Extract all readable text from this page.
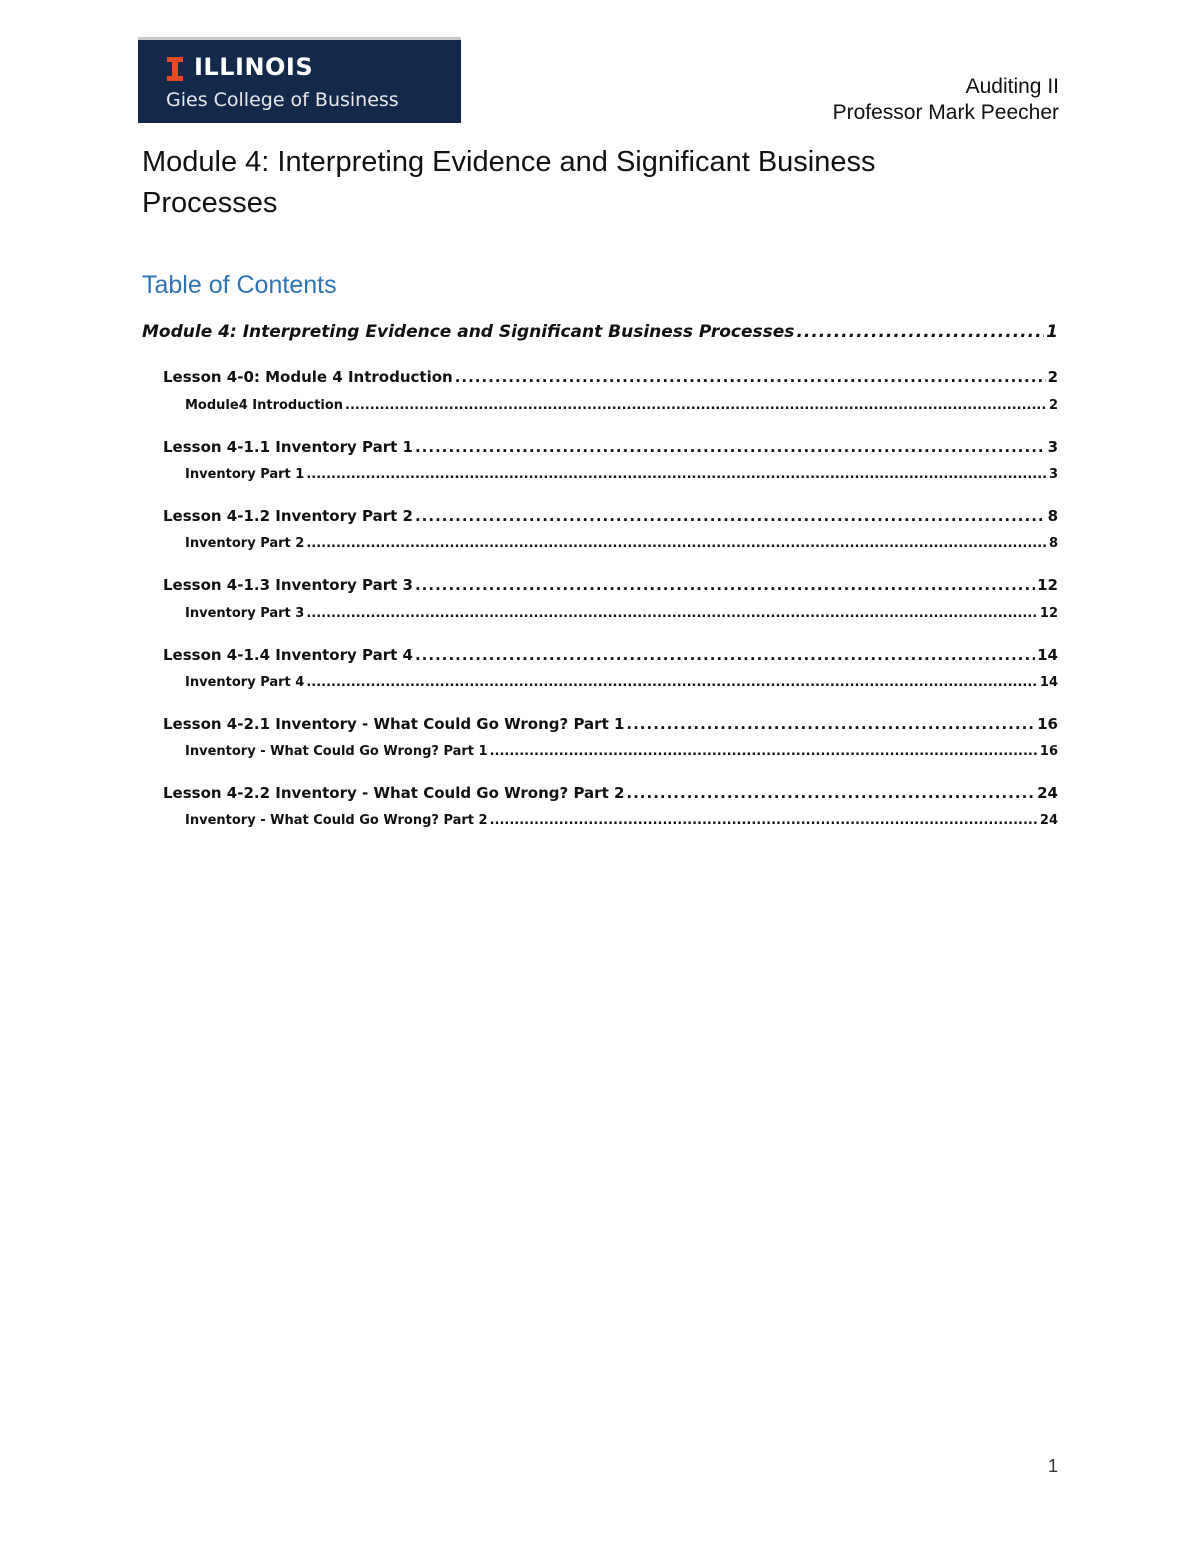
ILLINOIS
Gies College of Business
Auditing II
Professor Mark Peecher
Module 4: Interpreting Evidence and Significant Business Processes
Table of Contents
Module 4: Interpreting Evidence and Significant Business Processes .....	1
Lesson 4-0: Module 4 Introduction .....	2
Module4 Introduction .....	2
Lesson 4-1.1 Inventory Part 1 .....	3
Inventory Part 1 .....	3
Lesson 4-1.2 Inventory Part 2 .....	8
Inventory Part 2 .....	8
Lesson 4-1.3 Inventory Part 3 .....	12
Inventory Part 3 .....	12
Lesson 4-1.4 Inventory Part 4 .....	14
Inventory Part 4 .....	14
Lesson 4-2.1 Inventory - What Could Go Wrong? Part 1 .....	16
Inventory - What Could Go Wrong? Part 1 .....	16
Lesson 4-2.2 Inventory - What Could Go Wrong? Part 2 .....	24
Inventory - What Could Go Wrong? Part 2 .....	24
1
